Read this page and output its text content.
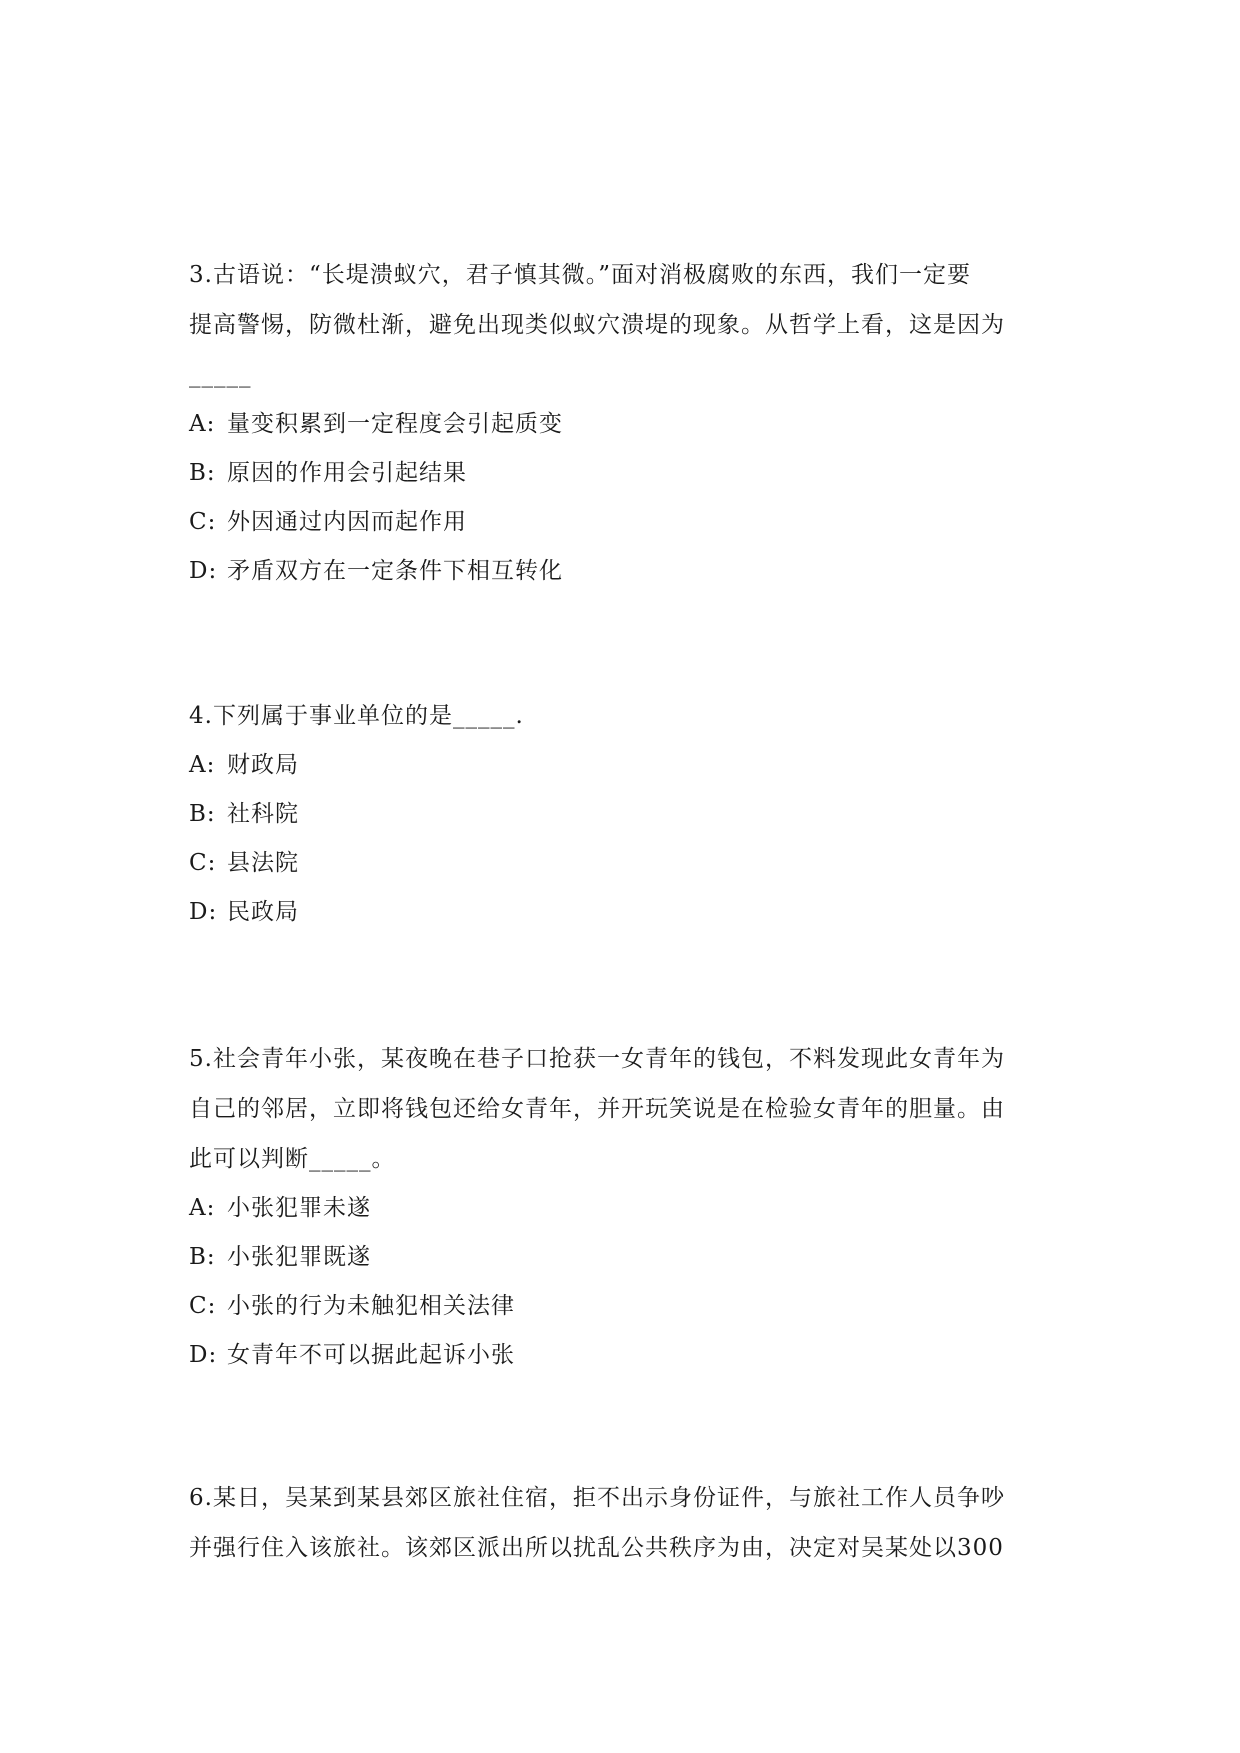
3.古语说：“长堤溃蚁穴，君子慎其微。”面对消极腐败的东西，我们一定要

提高警惕，防微杜渐，避免出现类似蚁穴溃堤的现象。从哲学上看，这是因为

_____

A: 量变积累到一定程度会引起质变

B: 原因的作用会引起结果

C: 外因通过内因而起作用

D: 矛盾双方在一定条件下相互转化

4.下列属于事业单位的是_____.

A: 财政局

B: 社科院

C: 县法院

D: 民政局

5.社会青年小张，某夜晚在巷子口抢获一女青年的钱包，不料发现此女青年为

自己的邻居，立即将钱包还给女青年，并开玩笑说是在检验女青年的胆量。由

此可以判断_____。

A: 小张犯罪未遂

B: 小张犯罪既遂

C: 小张的行为未触犯相关法律

D: 女青年不可以据此起诉小张

6.某日，吴某到某县郊区旅社住宿，拒不出示身份证件，与旅社工作人员争吵

并强行住入该旅社。该郊区派出所以扰乱公共秩序为由，决定对吴某处以300
